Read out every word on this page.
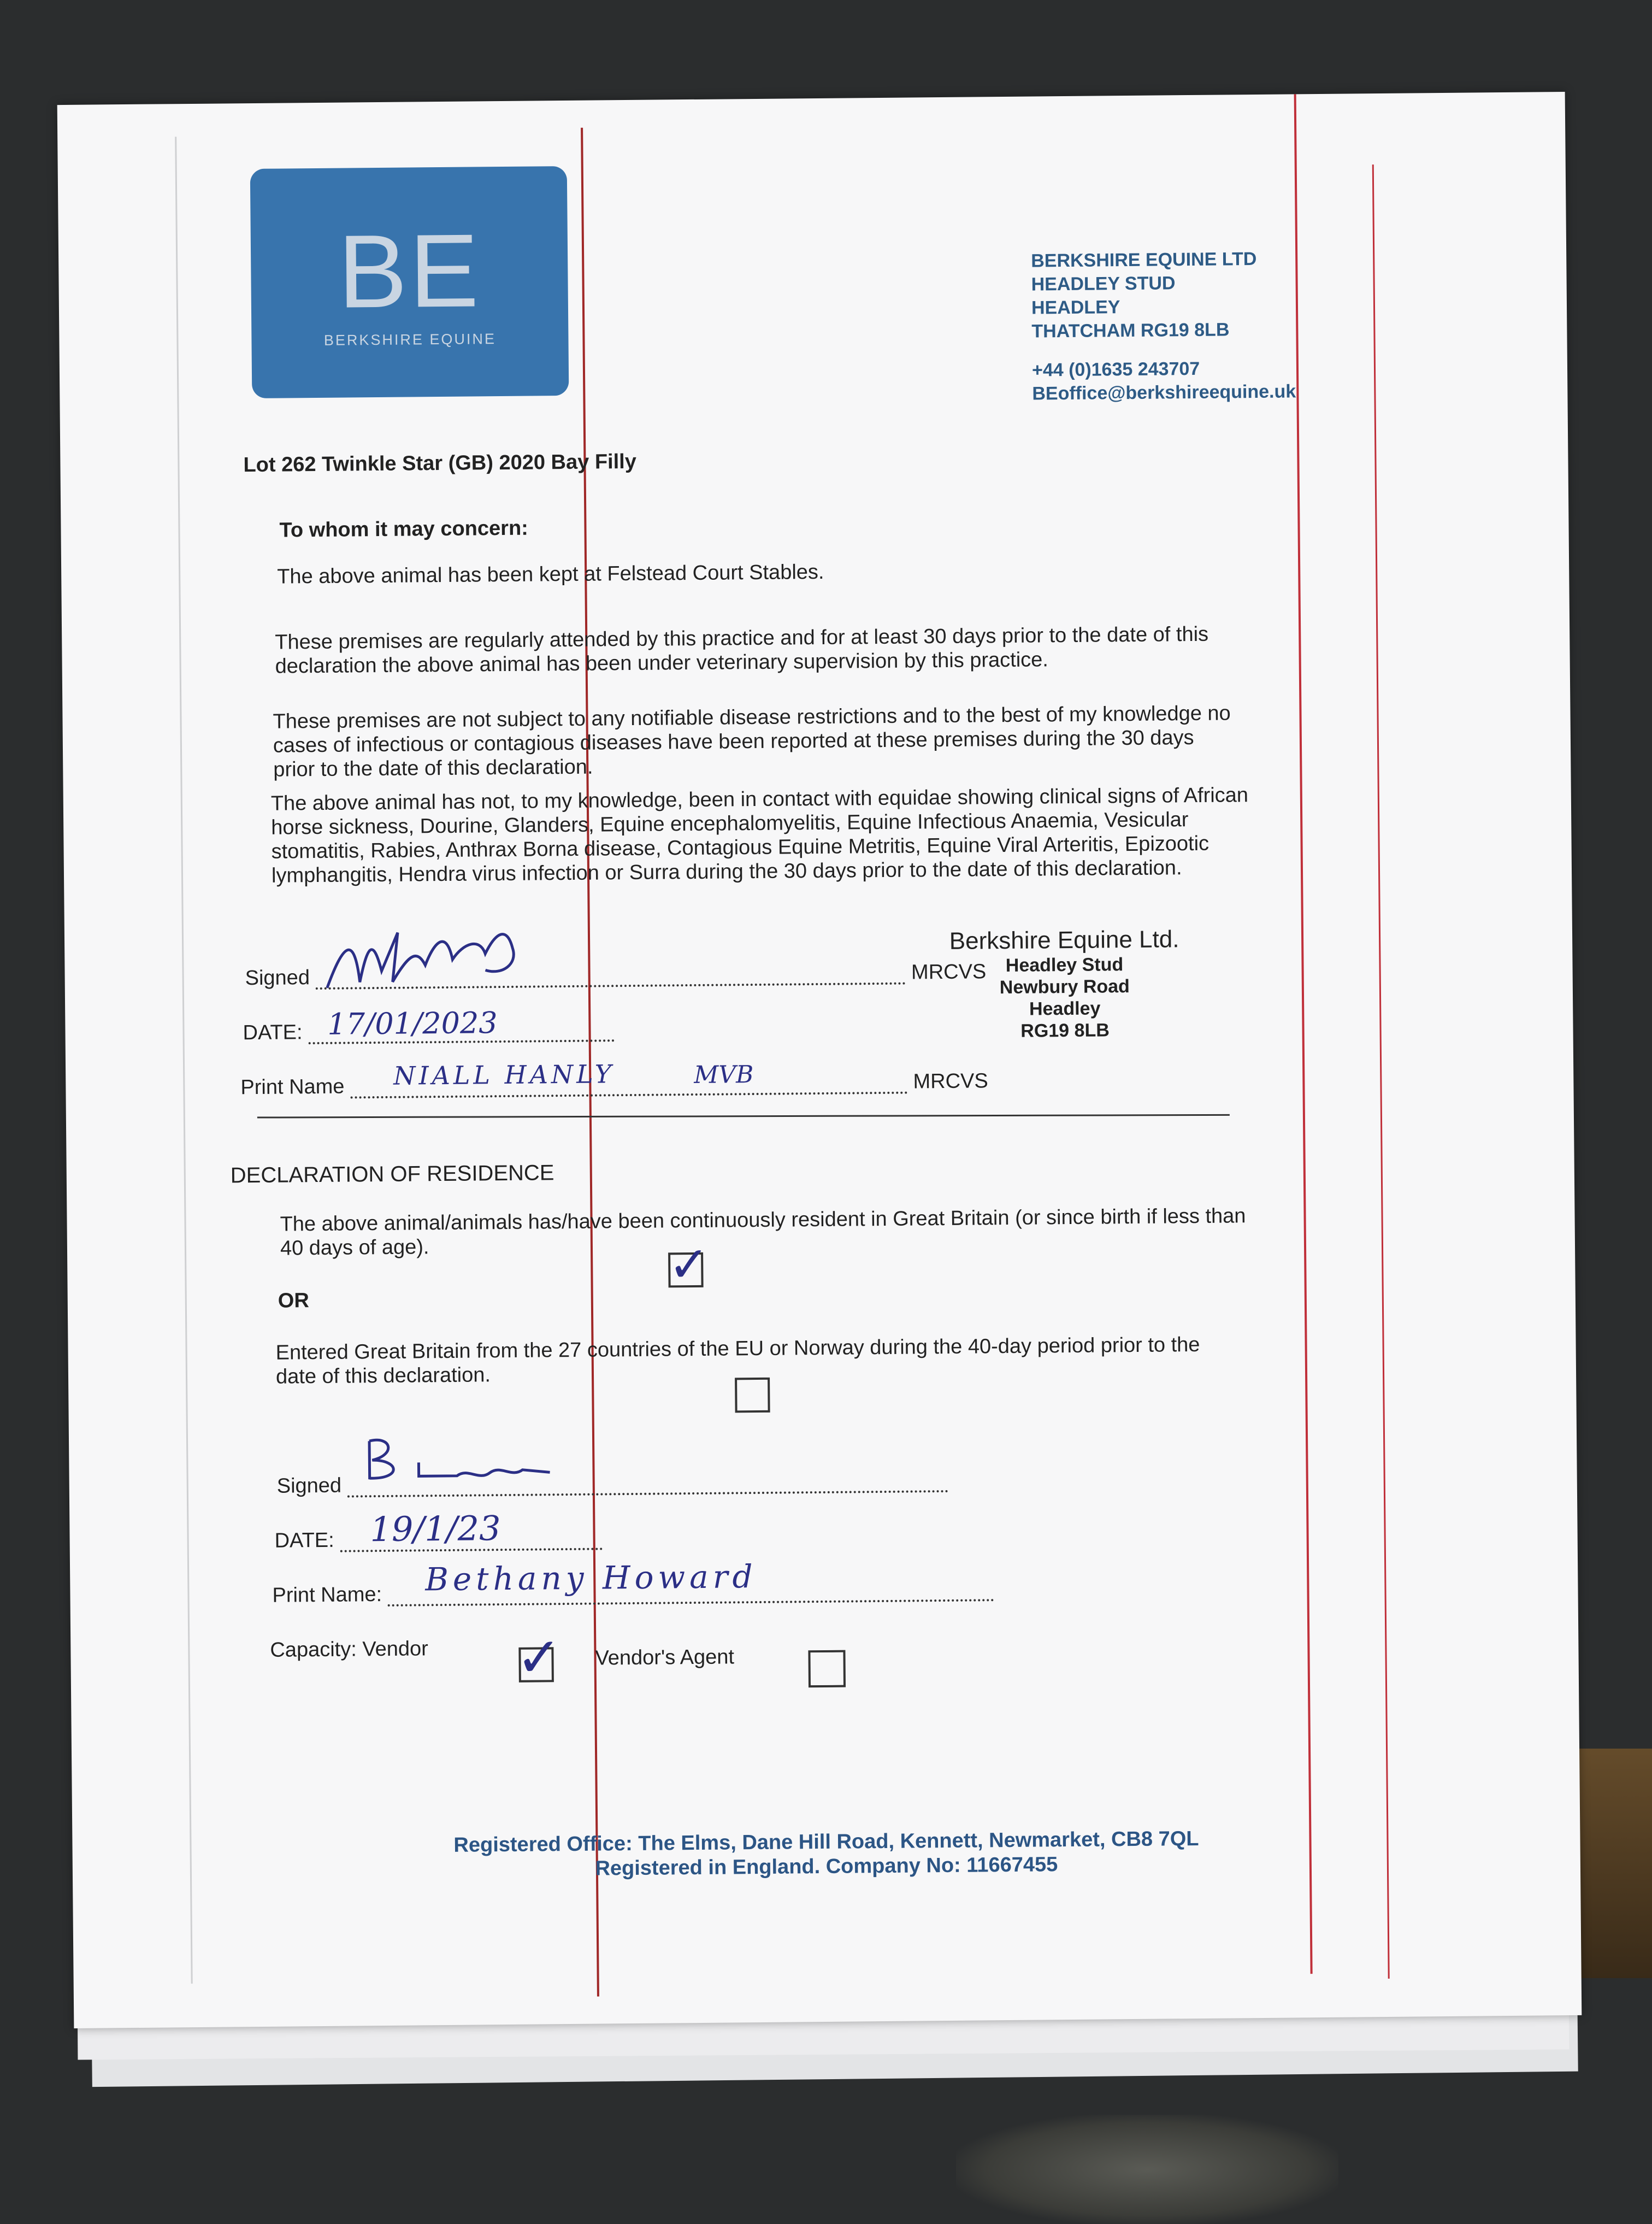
BE
BERKSHIRE EQUINE
BERKSHIRE EQUINE LTD
HEADLEY STUD
HEADLEY
THATCHAM RG19 8LB
+44 (0)1635 243707
BEoffice@berkshireequine.uk
Lot 262 Twinkle Star (GB) 2020 Bay Filly
To whom it may concern:
The above animal has been kept at Felstead Court Stables.
These premises are regularly attended by this practice and for at least 30 days prior to the date of this declaration the above animal has been under veterinary supervision by this practice.
These premises are not subject to any notifiable disease restrictions and to the best of my knowledge no cases of infectious or contagious diseases have been reported at these premises during the 30 days prior to the date of this declaration.
The above animal has not, to my knowledge, been in contact with equidae showing clinical signs of African horse sickness, Dourine, Glanders, Equine encephalomyelitis, Equine Infectious Anaemia, Vesicular stomatitis, Rabies, Anthrax Borna disease, Contagious Equine Metritis, Equine Viral Arteritis, Epizootic lymphangitis, Hendra virus infection or Surra during the 30 days prior to the date of this declaration.
Signed	MRCVS
DATE: 17/01/2023
Print Name	MRCVS
NIALL HANLY	MVB
Berkshire Equine Ltd.
Headley Stud
Newbury Road
Headley
RG19 8LB
DECLARATION OF RESIDENCE
The above animal/animals has/have been continuously resident in Great Britain (or since birth if less than 40 days of age).	✓
OR
Entered Great Britain from the 27 countries of the EU or Norway during the 40-day period prior to the date of this declaration.
Signed
DATE:	19/1/23
Print Name:	Bethany Howard
Capacity: Vendor ✓ Vendor's Agent
Registered Office: The Elms, Dane Hill Road, Kennett, Newmarket, CB8 7QL
Registered in England. Company No: 11667455
